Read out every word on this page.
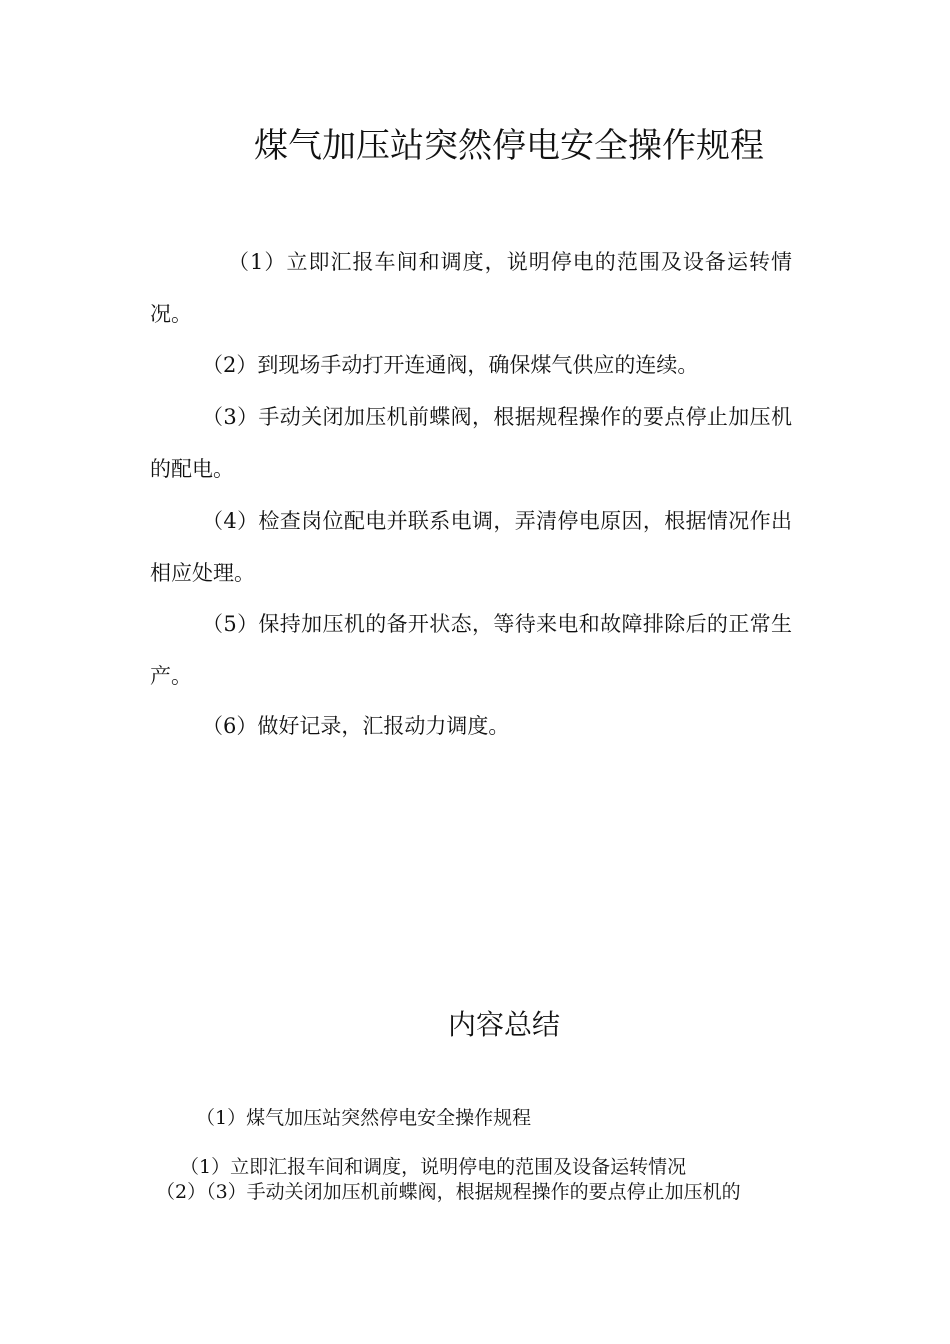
煤气加压站突然停电安全操作规程
（1）立即汇报车间和调度，说明停电的范围及设备运转情况。
（2）到现场手动打开连通阀，确保煤气供应的连续。
（3）手动关闭加压机前蝶阀，根据规程操作的要点停止加压机的配电。
（4）检查岗位配电并联系电调，弄清停电原因，根据情况作出相应处理。
（5）保持加压机的备开状态，等待来电和故障排除后的正常生产。
（6）做好记录，汇报动力调度。
内容总结
（1）煤气加压站突然停电安全操作规程
（1）立即汇报车间和调度，说明停电的范围及设备运转情况
（2）（3）手动关闭加压机前蝶阀，根据规程操作的要点停止加压机的
